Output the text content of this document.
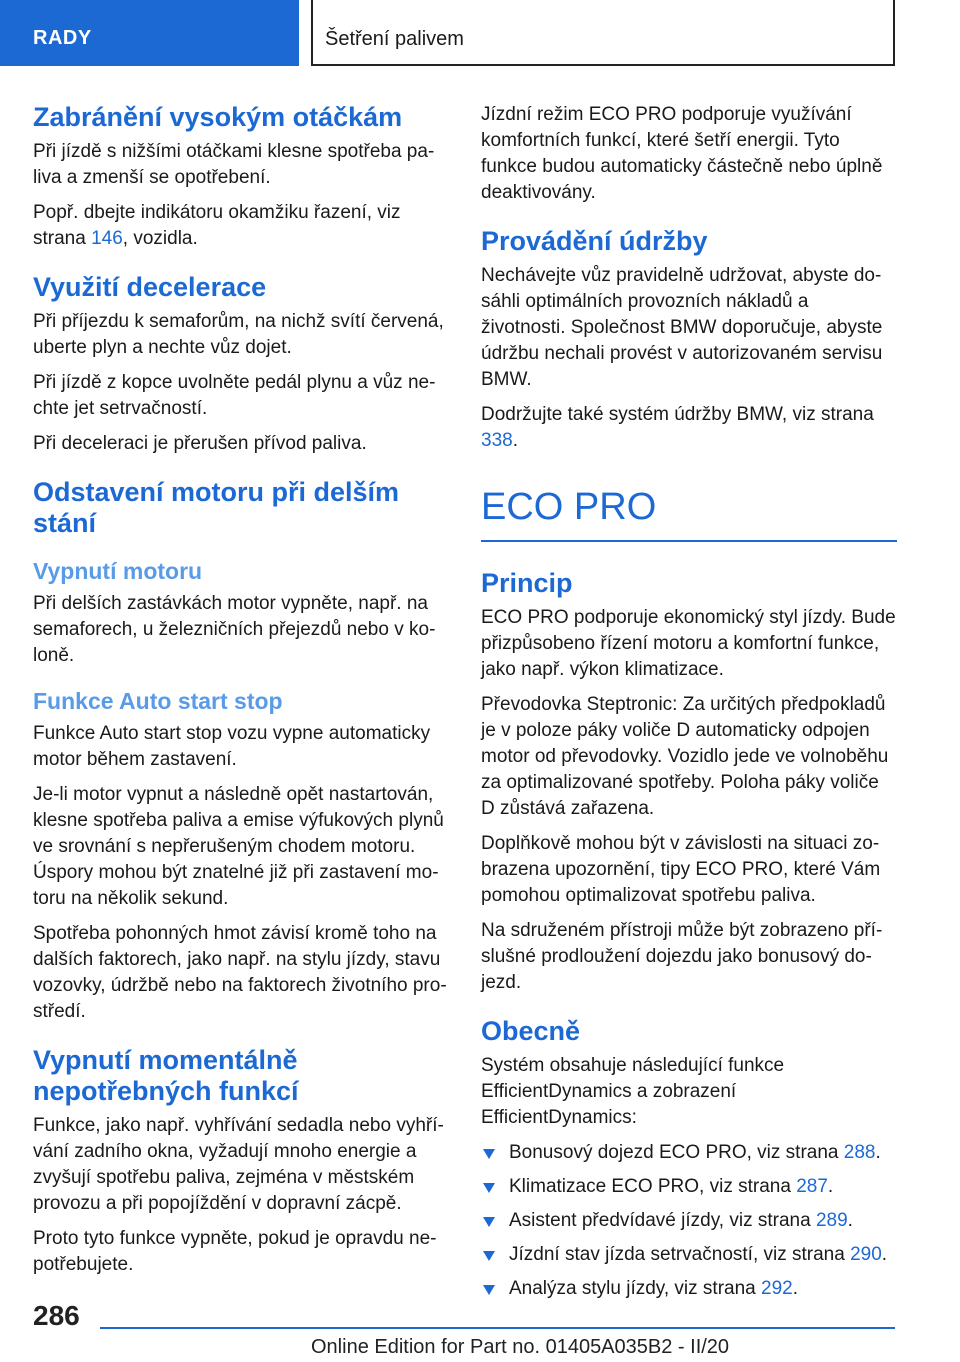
RADY	Šetření palivem
Zabránění vysokým otáčkám

Při jízdě s nižšími otáčkami klesne spotřeba paliva a zmenší se opotřebení.

Popř. dbejte indikátoru okamžiku řazení, viz strana 146, vozidla.

Využití decelerace

Při příjezdu k semaforům, na nichž svítí červená, uberte plyn a nechte vůz dojet.

Při jízdě z kopce uvolněte pedál plynu a vůz nechte jet setrvačností.

Při deceleraci je přerušen přívod paliva.

Odstavení motoru při delším stání
Vypnutí motoru

Při delších zastávkách motor vypněte, např. na semaforech, u železničních přejezdů nebo v koloně.

Funkce Auto start stop

Funkce Auto start stop vozu vypne automaticky motor během zastavení.

Je-li motor vypnut a následně opět nastartován, klesne spotřeba paliva a emise výfukových plynů ve srovnání s nepřerušeným chodem motoru. Úspory mohou být znatelné již při zastavení motoru na několik sekund.

Spotřeba pohonných hmot závisí kromě toho na dalších faktorech, jako např. na stylu jízdy, stavu vozovky, údržbě nebo na faktorech životního prostředí.

Vypnutí momentálně nepotřebných funkcí

Funkce, jako např. vyhřívání sedadla nebo vyhřívání zadního okna, vyžadují mnoho energie a zvyšují spotřebu paliva, zejména v městském provozu a při popojíždění v dopravní zácpě.

Proto tyto funkce vypněte, pokud je opravdu nepotřebujete.

Jízdní režim ECO PRO podporuje využívání komfortních funkcí, které šetří energii. Tyto funkce budou automaticky částečně nebo úplně deaktivovány.

Provádění údržby

Nechávejte vůz pravidelně udržovat, abyste dosáhli optimálních provozních nákladů a životnosti. Společnost BMW doporučuje, abyste údržbu nechali provést v autorizovaném servisu BMW.

Dodržujte také systém údržby BMW, viz strana 338.

ECO PRO
Princip

ECO PRO podporuje ekonomický styl jízdy. Bude přizpůsobeno řízení motoru a komfortní funkce, jako např. výkon klimatizace.

Převodovka Steptronic: Za určitých předpokladů je v poloze páky voliče D automaticky odpojen motor od převodovky. Vozidlo jede ve volnoběhu za optimalizované spotřeby. Poloha páky voliče D zůstává zařazena.

Doplňkově mohou být v závislosti na situaci zobrazena upozornění, tipy ECO PRO, které Vám pomohou optimalizovat spotřebu paliva.

Na sdruženém přístroji může být zobrazeno příslušné prodloužení dojezdu jako bonusový dojezd.

Obecně

Systém obsahuje následující funkce EfficientDynamics a zobrazení EfficientDynamics:

Bonusový dojezd ECO PRO, viz strana 288.
Klimatizace ECO PRO, viz strana 287.
Asistent předvídavé jízdy, viz strana 289.
Jízdní stav jízda setrvačností, viz strana 290.
Analýza stylu jízdy, viz strana 292.
286
Online Edition for Part no. 01405A035B2 - II/20
